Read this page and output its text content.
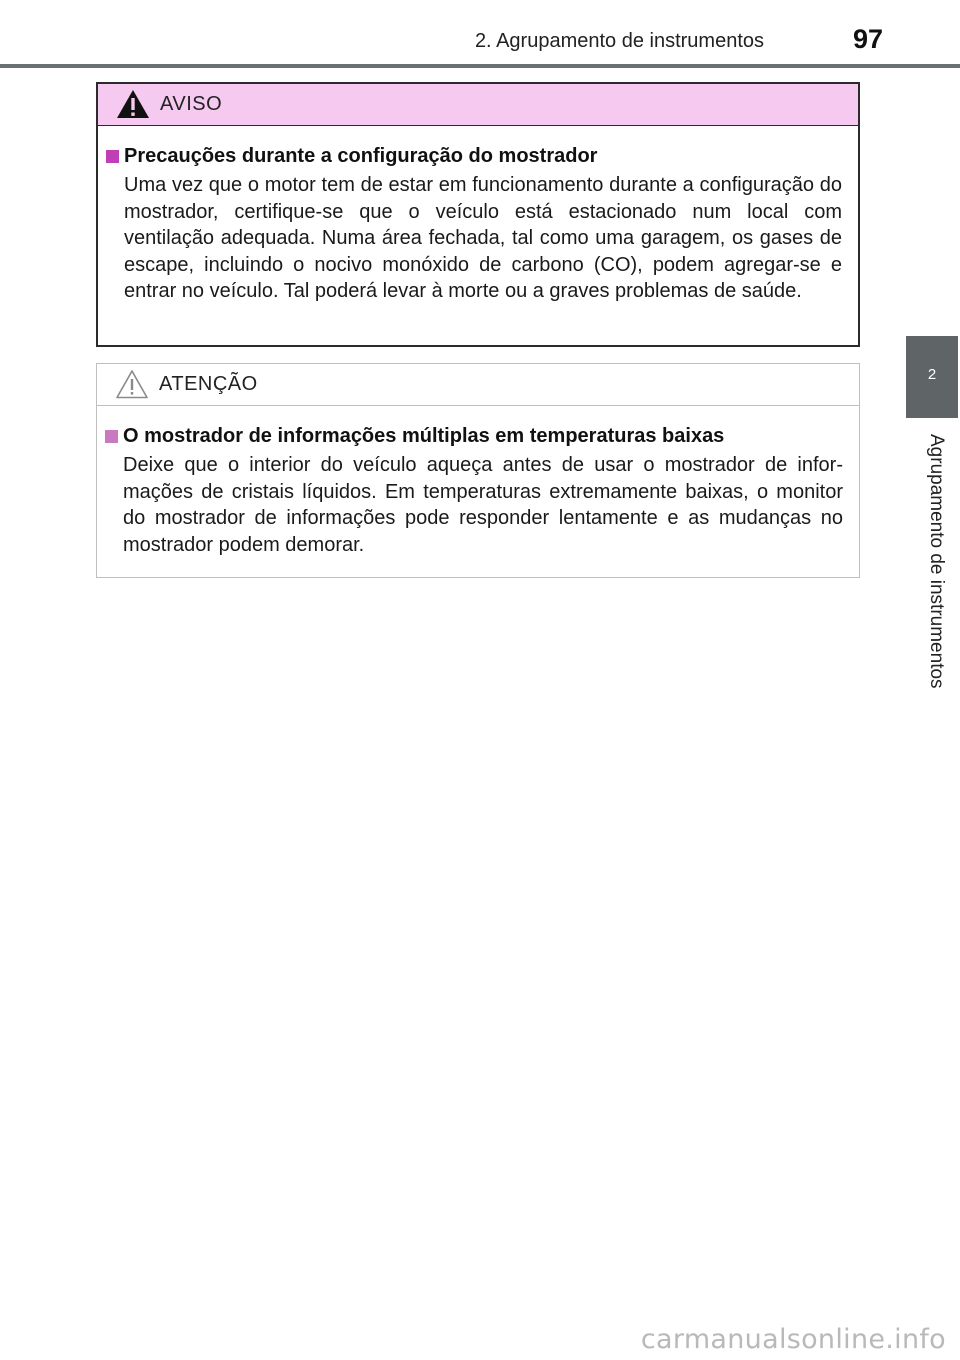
2. Agrupamento de instrumentos	97
2
Agrupamento de instrumentos
AVISO
Precauções durante a configuração do mostrador

Uma vez que o motor tem de estar em funcionamento durante a configuração do mostrador, certifique-se que o veículo está estacionado num local com ventilação adequada. Numa área fechada, tal como uma garagem, os gases de escape, incluindo o nocivo monóxido de carbono (CO), podem agregar-se e entrar no veículo. Tal poderá levar à morte ou a graves problemas de saúde.

ATENÇÃO
O mostrador de informações múltiplas em temperaturas baixas

Deixe que o interior do veículo aqueça antes de usar o mostrador de informações de cristais líquidos. Em temperaturas extremamente baixas, o monitor do mostrador de informações pode responder lentamente e as mudanças no mostrador podem demorar.

carmanualsonline.info
